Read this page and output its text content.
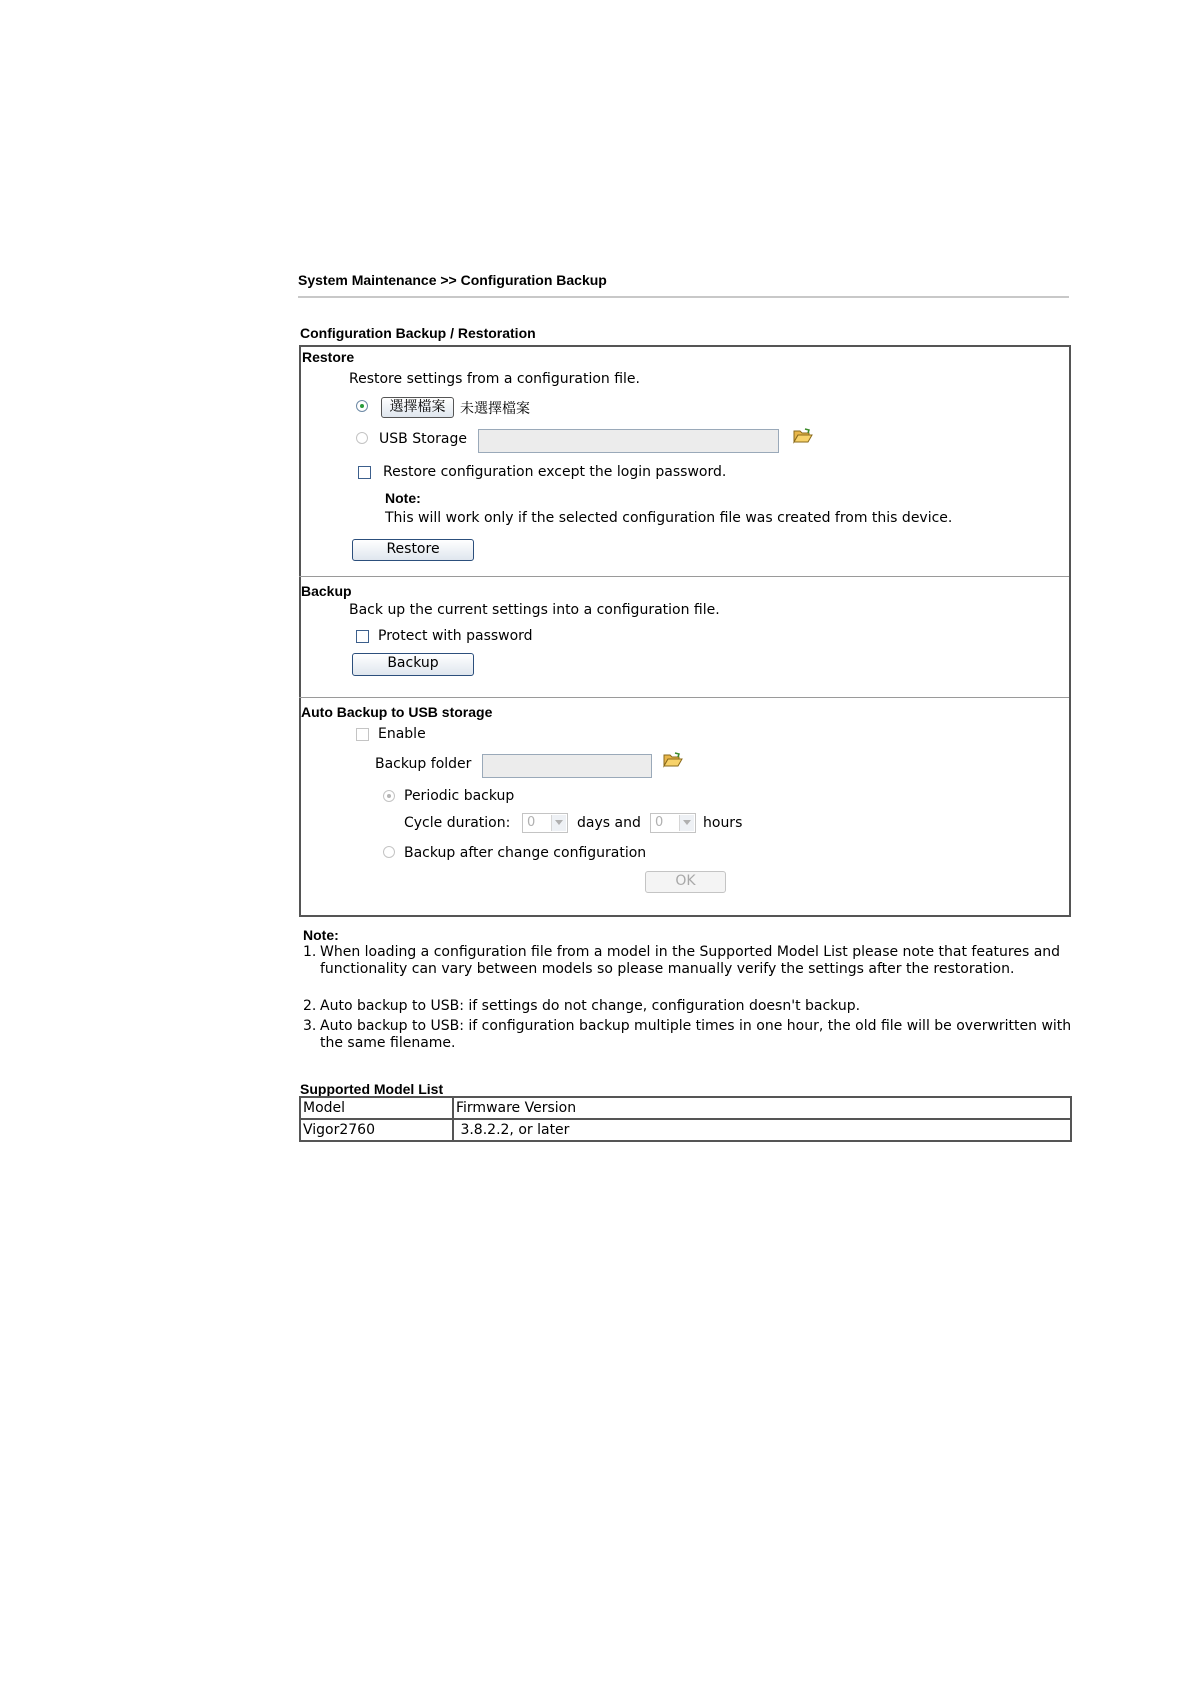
System Maintenance >> Configuration Backup
Configuration Backup / Restoration
Restore
Restore settings from a configuration file.
選擇檔案	未選擇檔案
USB Storage
Restore configuration except the login password.
Note:
This will work only if the selected configuration file was created from this device.
Restore
Backup
Back up the current settings into a configuration file.
Protect with password
Backup
Auto Backup to USB storage
Enable
Backup folder
Periodic backup
Cycle duration:	0	days and	0	hours
Backup after change configuration
OK
Note:
1. When loading a configuration file from a model in the Supported Model List please note that features and functionality can vary between models so please manually verify the settings after the restoration.
2. Auto backup to USB: if settings do not change, configuration doesn't backup.
3. Auto backup to USB: if configuration backup multiple times in one hour, the old file will be overwritten with the same filename.
Supported Model List
Model	Firmware Version
Vigor2760	3.8.2.2, or later
